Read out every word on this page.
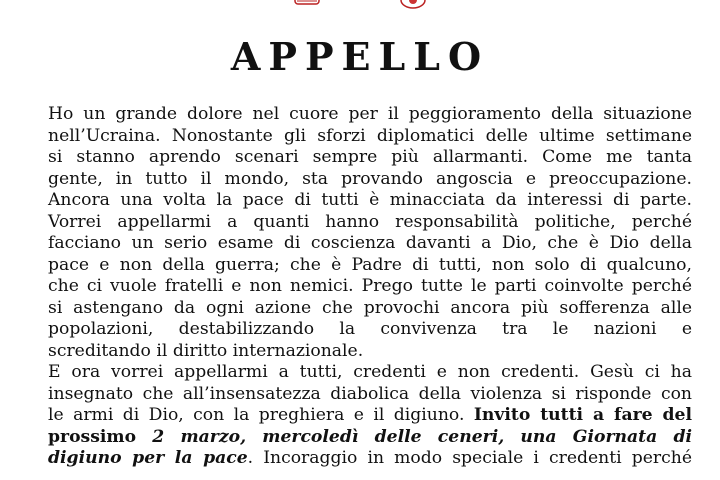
APPELLO
Ho un grande dolore nel cuore per il peggioramento della situazione
nell’Ucraina. Nonostante gli sforzi diplomatici delle ultime settimane
si stanno aprendo scenari sempre più allarmanti. Come me tanta
gente, in tutto il mondo, sta provando angoscia e preoccupazione.
Ancora una volta la pace di tutti è minacciata da interessi di parte.
Vorrei appellarmi a quanti hanno responsabilità politiche, perché
facciano un serio esame di coscienza davanti a Dio, che è Dio della
pace e non della guerra; che è Padre di tutti, non solo di qualcuno,
che ci vuole fratelli e non nemici. Prego tutte le parti coinvolte perché
si astengano da ogni azione che provochi ancora più sofferenza alle
popolazioni, destabilizzando la convivenza tra le nazioni e
screditando il diritto internazionale.
E ora vorrei appellarmi a tutti, credenti e non credenti. Gesù ci ha
insegnato che all’insensatezza diabolica della violenza si risponde con
le armi di Dio, con la preghiera e il digiuno. Invito tutti a fare del
prossimo 2 marzo, mercoledì delle ceneri, una Giornata di
digiuno per la pace. Incoraggio in modo speciale i credenti perché
